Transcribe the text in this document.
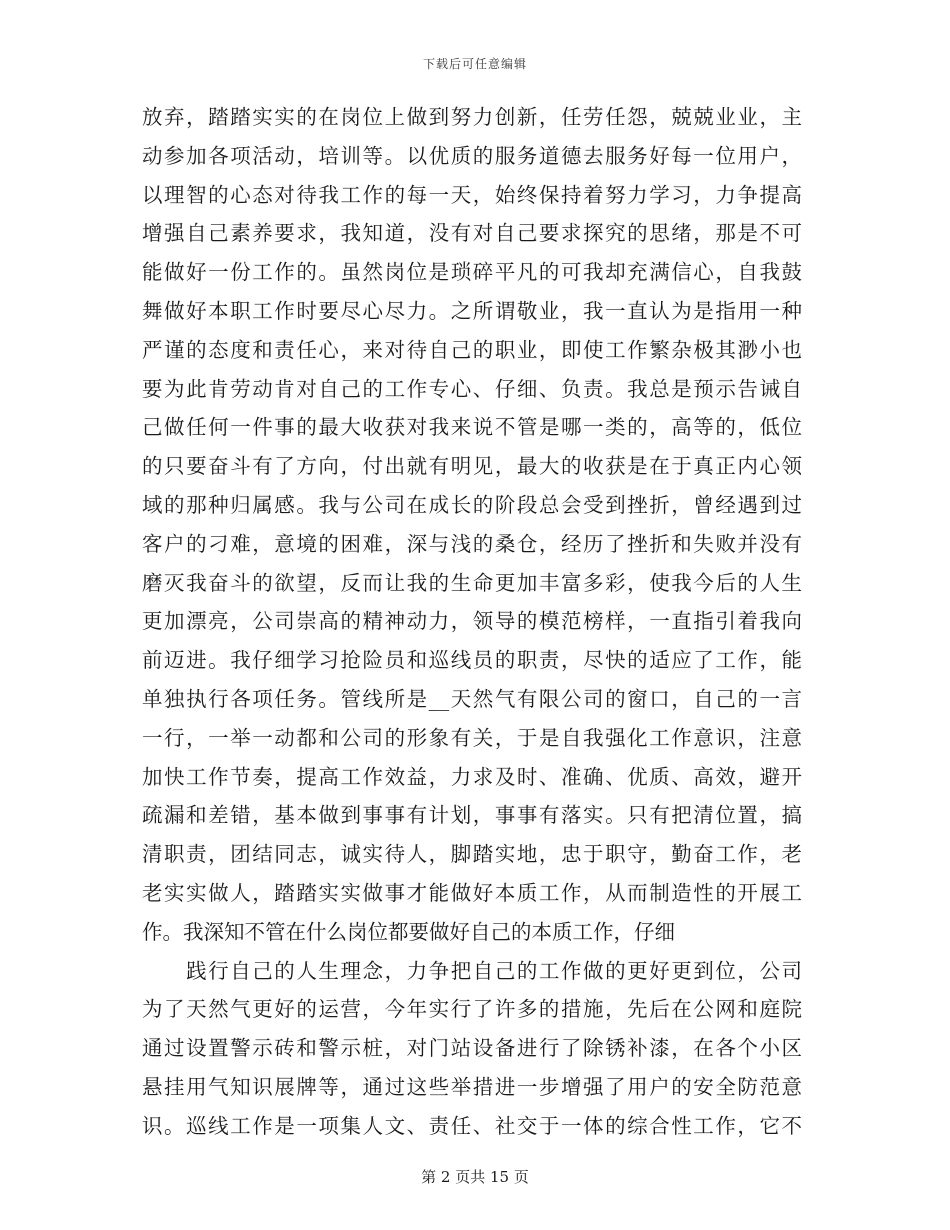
下载后可任意编辑
放弃，踏踏实实的在岗位上做到努力创新，任劳任怨，兢兢业业，主
动参加各项活动，培训等。以优质的服务道德去服务好每一位用户，
以理智的心态对待我工作的每一天，始终保持着努力学习，力争提高
增强自己素养要求，我知道，没有对自己要求探究的思绪，那是不可
能做好一份工作的。虽然岗位是琐碎平凡的可我却充满信心，自我鼓
舞做好本职工作时要尽心尽力。之所谓敬业，我一直认为是指用一种
严谨的态度和责任心，来对待自己的职业，即使工作繁杂极其渺小也
要为此肯劳动肯对自己的工作专心、仔细、负责。我总是预示告诫自
己做任何一件事的最大收获对我来说不管是哪一类的，高等的，低位
的只要奋斗有了方向，付出就有明见，最大的收获是在于真正内心领
域的那种归属感。我与公司在成长的阶段总会受到挫折，曾经遇到过
客户的刁难，意境的困难，深与浅的桑仓，经历了挫折和失败并没有
磨灭我奋斗的欲望，反而让我的生命更加丰富多彩，使我今后的人生
更加漂亮，公司崇高的精神动力，领导的模范榜样，一直指引着我向
前迈进。我仔细学习抢险员和巡线员的职责，尽快的适应了工作，能
单独执行各项任务。管线所是__天然气有限公司的窗口，自己的一言
一行，一举一动都和公司的形象有关，于是自我强化工作意识，注意
加快工作节奏，提高工作效益，力求及时、准确、优质、高效，避开
疏漏和差错，基本做到事事有计划，事事有落实。只有把清位置，搞
清职责，团结同志，诚实待人，脚踏实地，忠于职守，勤奋工作，老
老实实做人，踏踏实实做事才能做好本质工作，从而制造性的开展工
作。我深知不管在什么岗位都要做好自己的本质工作，仔细
　　践行自己的人生理念，力争把自己的工作做的更好更到位，公司
为了天然气更好的运营，今年实行了许多的措施，先后在公网和庭院
通过设置警示砖和警示桩，对门站设备进行了除锈补漆，在各个小区
悬挂用气知识展牌等，通过这些举措进一步增强了用户的安全防范意
识。巡线工作是一项集人文、责任、社交于一体的综合性工作，它不
第 2 页共 15 页
